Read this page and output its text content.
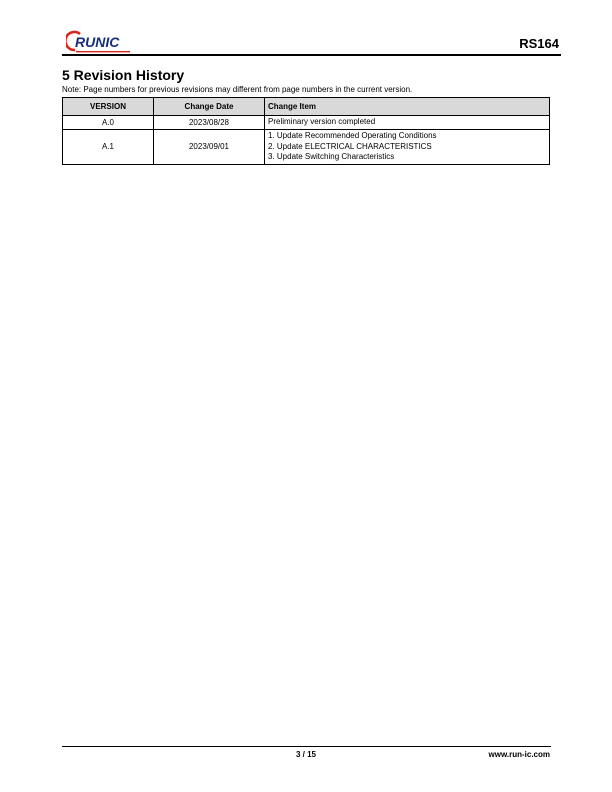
RUNIC	RS164
5 Revision History
Note: Page numbers for previous revisions may different from page numbers in the current version.
VERSION	Change Date	Change Item
A.0	2023/08/28	Preliminary version completed

A.1	2023/09/01	1. Update Recommended Operating Conditions
2. Update ELECTRICAL CHARACTERISTICS
3. Update Switching Characteristics
3 / 15	www.run-ic.com
